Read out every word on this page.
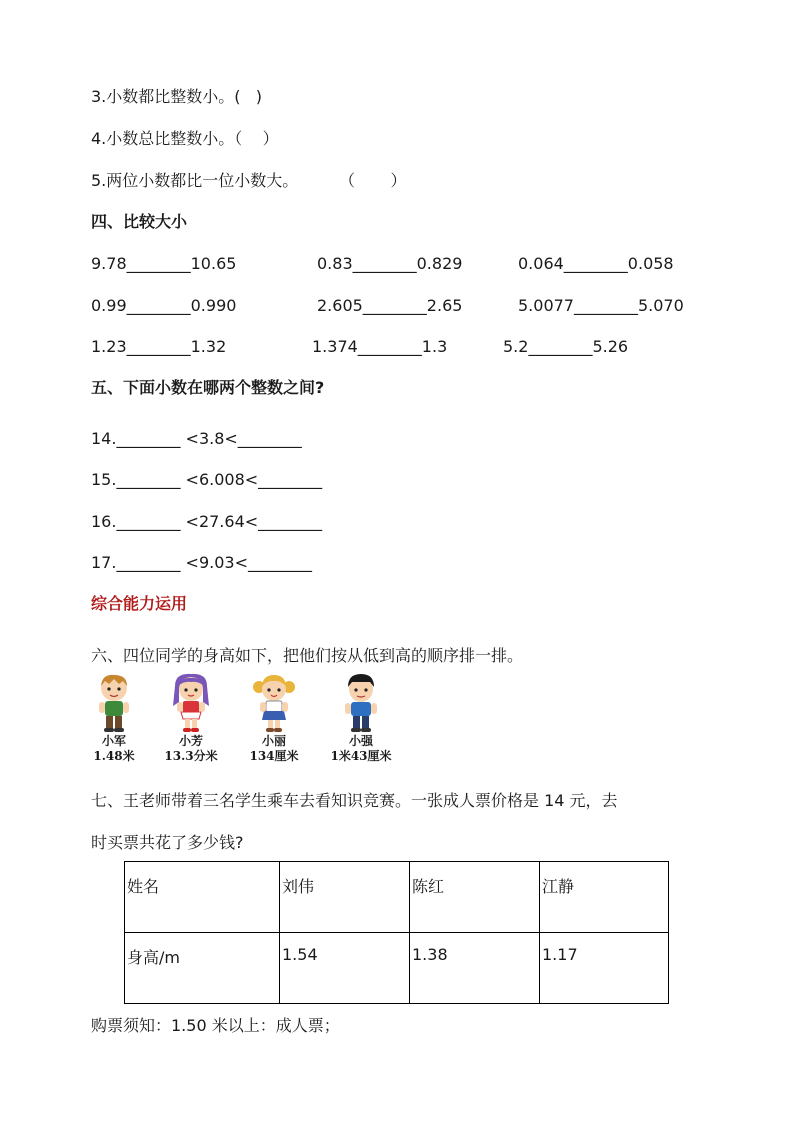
3.小数都比整数小。(   )
4.小数总比整数小。（    ）
5.两位小数都比一位小数大。        （       ）
四、比较大小
9.78________10.65	0.83________0.829	0.064________0.058
0.99________0.990	2.605________2.65	5.0077________5.070
1.23________1.32	1.374________1.3	5.2________5.26
五、下面小数在哪两个整数之间?
14.________ <3.8<________
15.________ <6.008<________
16.________ <27.64<________
17.________ <9.03<________
综合能力运用
六、四位同学的身高如下，把他们按从低到高的顺序排一排。
小军
1.48米
小芳
13.3分米
小丽
134厘米
小强
1米43厘米
七、王老师带着三名学生乘车去看知识竞赛。一张成人票价格是 14 元，去
时买票共花了多少钱?
姓名	刘伟	陈红	江静
身高/m	1.54	1.38	1.17
购票须知：1.50 米以上：成人票；
